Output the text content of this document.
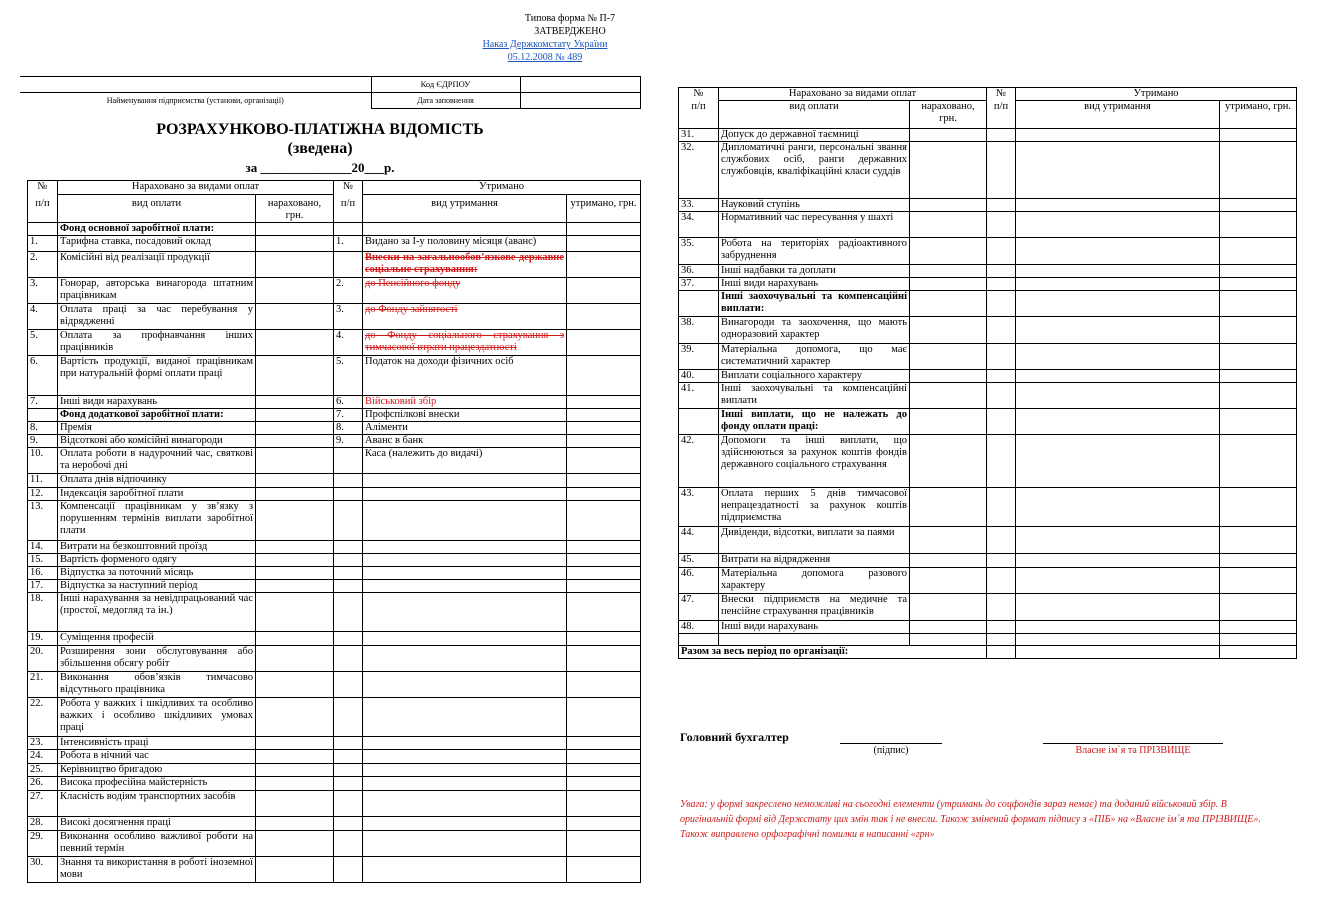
Типова форма № П-7
ЗАТВЕРДЖЕНО
Наказ Держкомстату України
05.12.2008 № 489
	Код ЄДРПОУ	
Найменування підприємства (установи, організації)	Дата заповнення	
РОЗРАХУНКОВО-ПЛАТІЖНА ВІДОМІСТЬ
(зведена)
за ______________20___р.
№	Нараховано за видами оплат		№	Утримано	
п/п	вид оплати	нараховано, грн.	п/п	вид утримання	утримано, грн.
	Фонд основної заробітної плати:				
1.	Тарифна ставка, посадовий оклад		1.	Видано за І-у половину місяця (аванс)	
2.	Комісійні від реалізації продукції			Внески на загальнообов’язкове державне соціальне страхування:	
3.	Гонорар, авторська винагорода штатним працівникам		2.	до Пенсійного фонду	
4.	Оплата праці за час перебування у відрядженні		3.	до Фонду зайнятості	
5.	Оплата за профнавчання інших працівників		4.	до Фонду соціального страхування з тимчасової втрати працездатності	
6.	Вартість продукції, виданої працівникам при натуральній формі оплати праці		5.	Податок на доходи фізичних осіб	
7.	Інші види нарахувань		6.	Військовий збір	
	Фонд додаткової заробітної плати:		7.	Профспілкові внески	
8.	Премія		8.	Аліменти	
9.	Відсоткові або комісійні винагороди		9.	Аванс в банк	
10.	Оплата роботи в надурочний час, святкові та неробочі дні			Каса (належить до видачі)	
11.	Оплата днів відпочинку				
12.	Індексація заробітної плати				
13.	Компенсації працівникам у зв’язку з порушенням термінів виплати заробітної плати				
14.	Витрати на безкоштовний проїзд				
15.	Вартість форменого одягу				
16.	Відпустка за поточний місяць				
17.	Відпустка за наступний період				
18.	Інші нарахування за невідпрацьований час (простої, медогляд та ін.)				
19.	Суміщення професій				
20.	Розширення зони обслуговування або збільшення обсягу робіт				
21.	Виконання обов’язків тимчасово відсутнього працівника				
22.	Робота у важких і шкідливих та особливо важких і особливо шкідливих умовах праці				
23.	Інтенсивність праці				
24.	Робота в нічний час				
25.	Керівництво бригадою				
26.	Висока професійна майстерність				
27.	Класність водіям транспортних засобів				
28.	Високі досягнення праці				
29.	Виконання особливо важливої роботи на певний термін				
30.	Знання та використання в роботі іноземної мови				
№	Нараховано за видами оплат		№	Утримано	
п/п	вид оплати	нараховано, грн.	п/п	вид утримання	утримано, грн.
31.	Допуск до державної таємниці				
32.	Дипломатичні ранги, персональні звання службових осіб, ранги державних службовців, кваліфікаційні класи суддів				
33.	Науковий ступінь				
34.	Нормативний час пересування у шахті				
35.	Робота на територіях радіоактивного забруднення				
36.	Інші надбавки та доплати				
37.	Інші види нарахувань				
	Інші заохочувальні та компенсаційні виплати:				
38.	Винагороди та заохочення, що мають одноразовий характер				
39.	Матеріальна допомога, що має систематичний характер				
40.	Виплати соціального характеру				
41.	Інші заохочувальні та компенсаційні виплати				
	Інші виплати, що не належать до фонду оплати праці:				
42.	Допомоги та інші виплати, що здійснюються за рахунок коштів фондів державного соціального страхування				
43.	Оплата перших 5 днів тимчасової непрацездатності за рахунок коштів підприємства				
44.	Дивіденди, відсотки, виплати за паями				
45.	Витрати на відрядження				
46.	Матеріальна допомога разового характеру				
47.	Внески підприємств на медичне та пенсійне страхування працівників				
48.	Інші види нарахувань				

Разом за весь період по організації:					
Головний бухгалтер
(підпис)	Власне ім`я та ПРІЗВИЩЕ
Увага: у формі закреслено неможливі на сьогодні елементи (утримань до соцфондів зараз немає) та доданий військовий збір. В оригінальній формі від Держстату цих змін так і не внесли. Також змінений формат підпису з «ПІБ» на «Власне ім`я та ПРІЗВИЩЕ». Також виправлено орфографічні помилки в написанні «грн»
